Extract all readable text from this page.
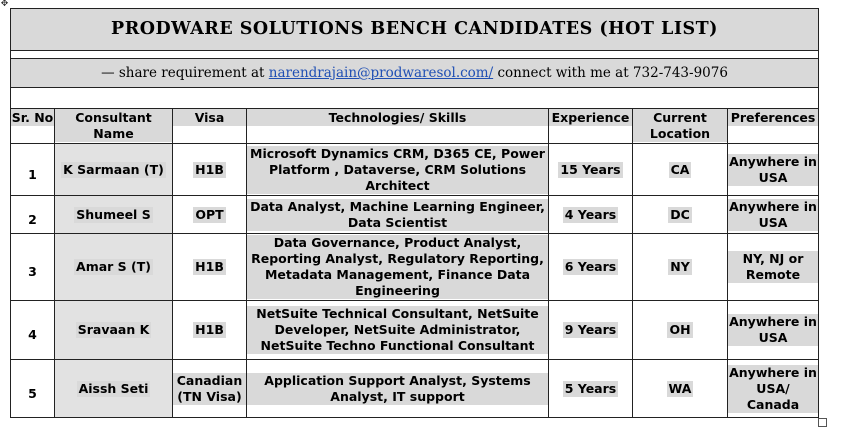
✥
PRODWARE SOLUTIONS BENCH CANDIDATES (HOT LIST)						

— share requirement at narendrajain@prodwaresol.com/ connect with me at 732-743-9076						

Sr. No	Consultant Name	Visa	Technologies/ Skills	Experience	Current Location	Preferences

1	K Sarmaan (T)	H1B	Microsoft Dynamics CRM, D365 CE, Power Platform , Dataverse, CRM Solutions Architect	15 Years	CA	Anywhere in USA

2	Shumeel S	OPT	Data Analyst, Machine Learning Engineer, Data Scientist	4 Years	DC	Anywhere in USA

3	Amar S (T)	H1B	Data Governance, Product Analyst, Reporting Analyst, Regulatory Reporting, Metadata Management, Finance Data Engineering	6 Years	NY	NY, NJ or Remote

4	Sravaan K	H1B	NetSuite Technical Consultant, NetSuite Developer, NetSuite Administrator, NetSuite Techno Functional Consultant	9 Years	OH	Anywhere in USA

5	Aissh Seti	Canadian (TN Visa)	Application Support Analyst, Systems Analyst, IT support	5 Years	WA	Anywhere in USA/ Canada
